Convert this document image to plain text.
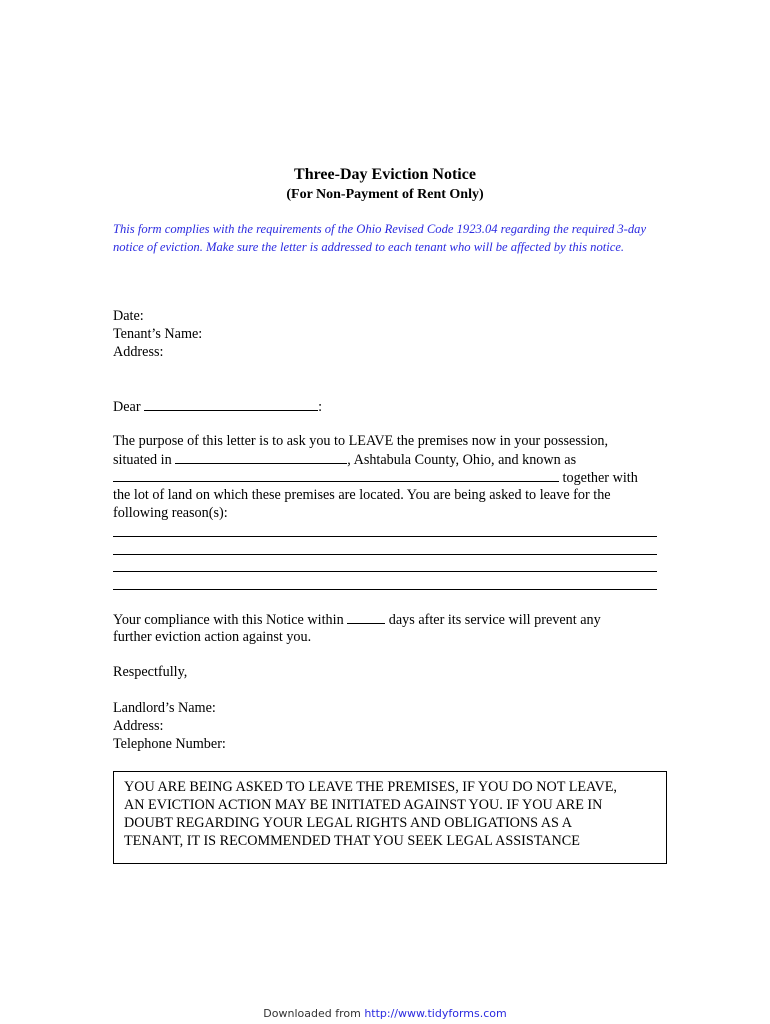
Three-Day Eviction Notice
(For Non-Payment of Rent Only)
This form complies with the requirements of the Ohio Revised Code 1923.04 regarding the required 3-day notice of eviction. Make sure the letter is addressed to each tenant who will be affected by this notice.
Date:
Tenant’s Name:
Address:
Dear	:
The purpose of this letter is to ask you to LEAVE the premises now in your possession,
situated in	, Ashtabula County, Ohio, and known as
together with
the lot of land on which these premises are located. You are being asked to leave for the
following reason(s):
Your compliance with this Notice within	days after its service will prevent any
further eviction action against you.
Respectfully,
Landlord’s Name:
Address:
Telephone Number:
YOU ARE BEING ASKED TO LEAVE THE PREMISES, IF YOU DO NOT LEAVE,
AN EVICTION ACTION MAY BE INITIATED AGAINST YOU. IF YOU ARE IN
DOUBT REGARDING YOUR LEGAL RIGHTS AND OBLIGATIONS AS A
TENANT, IT IS RECOMMENDED THAT YOU SEEK LEGAL ASSISTANCE
Downloaded from http://www.tidyforms.com
